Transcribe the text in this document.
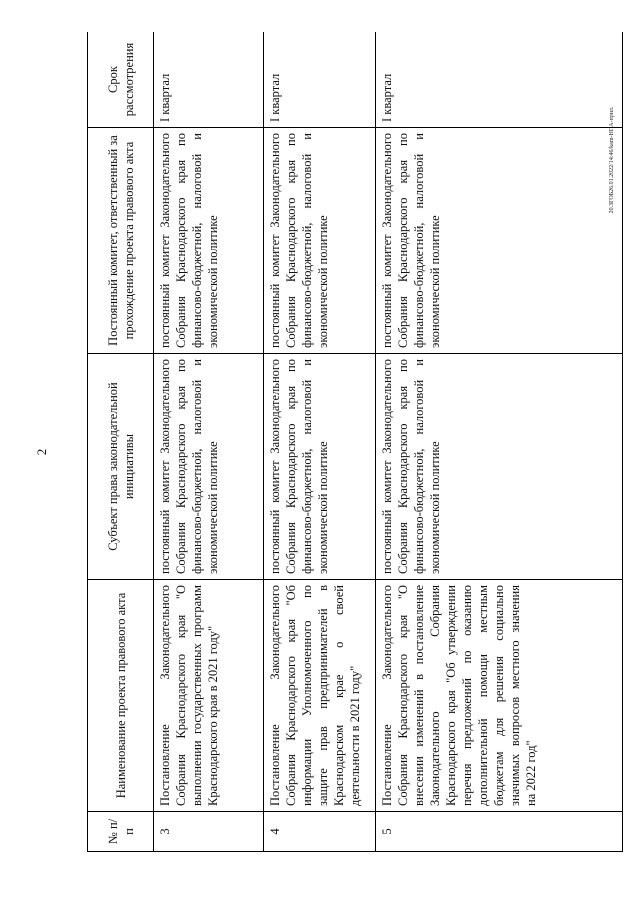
2
20.ЗГОБ26.01.2022/14:46/kam-НПА-прил.
№ п/п	Наименование проекта правового акта	Субъект права законодательной инициативы	Постоянный комитет, ответственный за прохождение проекта правового акта	Срок рассмотрения
3	Постановление Законодательного Собрания Краснодарского края "О выполнении государственных программ Краснодарского края в 2021 году"	постоянный комитет Законодательного Собрания Краснодарского края по финансово-бюджетной, налоговой и экономической политике	постоянный комитет Законодательного Собрания Краснодарского края по финансово-бюджетной, налоговой и экономической политике	I квартал
4	Постановление Законодательного Собрания Краснодарского края "Об информации Уполномоченного по защите прав предпринимателей в Краснодарском крае о своей деятельности в 2021 году"	постоянный комитет Законодательного Собрания Краснодарского края по финансово-бюджетной, налоговой и экономической политике	постоянный комитет Законодательного Собрания Краснодарского края по финансово-бюджетной, налоговой и экономической политике	I квартал
5	Постановление Законодательного Собрания Краснодарского края "О внесении изменений в постановление Законодательного Собрания Краснодарского края "Об утверждении перечня предложений по оказанию дополнительной помощи местным бюджетам для решения социально значимых вопросов местного значения на 2022 год"	постоянный комитет Законодательного Собрания Краснодарского края по финансово-бюджетной, налоговой и экономической политике	постоянный комитет Законодательного Собрания Краснодарского края по финансово-бюджетной, налоговой и экономической политике	I квартал
